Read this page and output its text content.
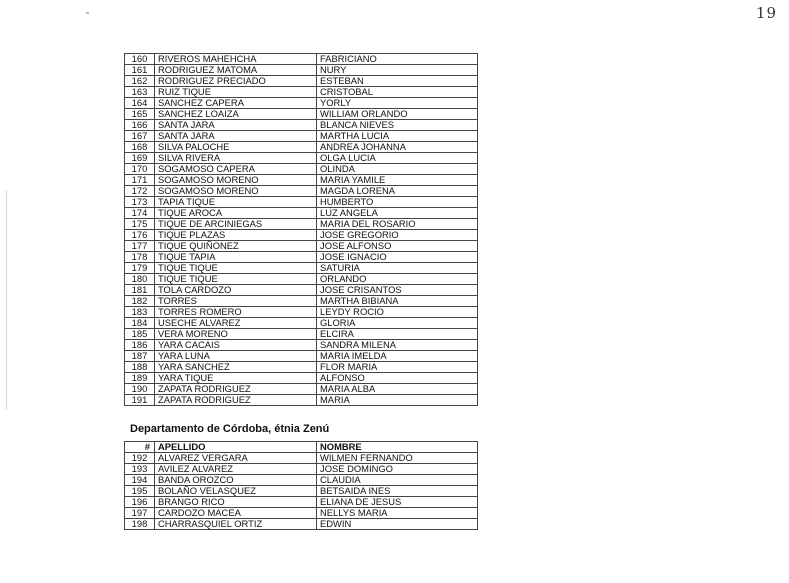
19
160	RIVEROS MAHEHCHA	FABRICIANO
161	RODRIGUEZ MATOMA	NURY
162	RODRIGUEZ PRECIADO	ESTEBAN
163	RUIZ TIQUE	CRISTOBAL
164	SANCHEZ CAPERA	YORLY
165	SANCHEZ LOAIZA	WILLIAM ORLANDO
166	SANTA JARA	BLANCA NIEVES
167	SANTA JARA	MARTHA LUCIA
168	SILVA PALOCHE	ANDREA JOHANNA
169	SILVA RIVERA	OLGA LUCIA
170	SOGAMOSO CAPERA	OLINDA
171	SOGAMOSO MORENO	MARIA YAMILE
172	SOGAMOSO MORENO	MAGDA LORENA
173	TAPIA TIQUE	HUMBERTO
174	TIQUE AROCA	LUZ ANGELA
175	TIQUE DE ARCINIEGAS	MARIA DEL ROSARIO
176	TIQUE PLAZAS	JOSE GREGORIO
177	TIQUE QUIÑONEZ	JOSE ALFONSO
178	TIQUE TAPIA	JOSE IGNACIO
179	TIQUE TIQUE	SATURIA
180	TIQUE TIQUE	ORLANDO
181	TOLA CARDOZO	JOSE CRISANTOS
182	TORRES	MARTHA BIBIANA
183	TORRES ROMERO	LEYDY ROCIO
184	USECHE ALVAREZ	GLORIA
185	VERA MORENO	ELCIRA
186	YARA CACAIS	SANDRA MILENA
187	YARA LUNA	MARIA IMELDA
188	YARA SANCHEZ	FLOR MARIA
189	YARA TIQUE	ALFONSO
190	ZAPATA RODRIGUEZ	MARIA ALBA
191	ZAPATA RODRIGUEZ	MARIA
Departamento de Córdoba, étnia Zenú
#	APELLIDO	NOMBRE
192	ALVAREZ VERGARA	WILMEN FERNANDO
193	AVILEZ ALVAREZ	JOSE DOMINGO
194	BANDA OROZCO	CLAUDIA
195	BOLAÑO VELASQUEZ	BETSAIDA INES
196	BRANGO RICO	ELIANA DE JESUS
197	CARDOZO MACEA	NELLYS MARIA
198	CHARRASQUIEL ORTIZ	EDWIN
